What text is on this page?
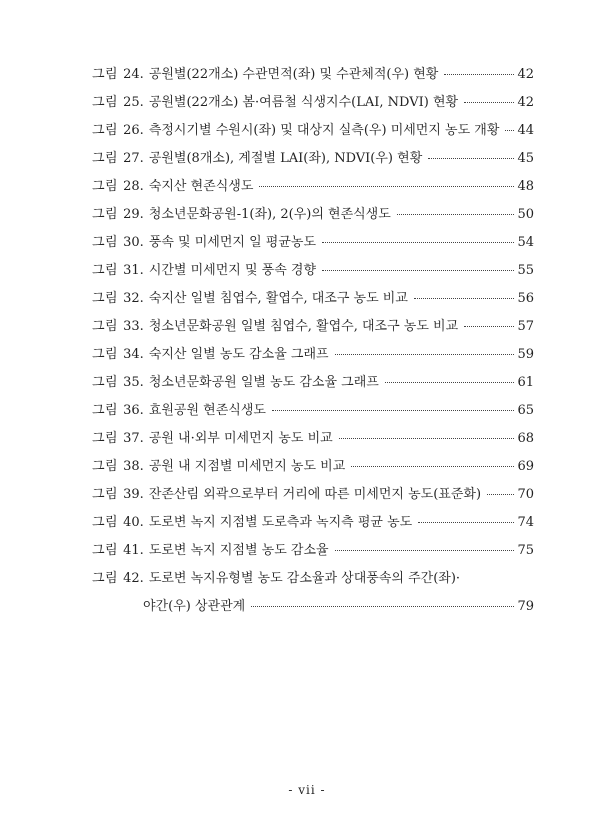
그림 24. 공원별(22개소) 수관면적(좌) 및 수관체적(우) 현황	42
그림 25. 공원별(22개소) 봄·여름철 식생지수(LAI, NDVI) 현황	42
그림 26. 측정시기별 수원시(좌) 및 대상지 실측(우) 미세먼지 농도 개황 44
그림 27. 공원별(8개소), 계절별 LAI(좌), NDVI(우) 현황	45
그림 28. 숙지산 현존식생도	48
그림 29. 청소년문화공원-1(좌), 2(우)의 현존식생도	50
그림 30. 풍속 및 미세먼지 일 평균농도	54
그림 31. 시간별 미세먼지 및 풍속 경향	55
그림 32. 숙지산 일별 침엽수, 활엽수, 대조구 농도 비교	56
그림 33. 청소년문화공원 일별 침엽수, 활엽수, 대조구 농도 비교	57
그림 34. 숙지산 일별 농도 감소율 그래프	59
그림 35. 청소년문화공원 일별 농도 감소율 그래프	61
그림 36. 효원공원 현존식생도	65
그림 37. 공원 내·외부 미세먼지 농도 비교	68
그림 38. 공원 내 지점별 미세먼지 농도 비교	69
그림 39. 잔존산림 외곽으로부터 거리에 따른 미세먼지 농도(표준화)	70
그림 40. 도로변 녹지 지점별 도로측과 녹지측 평균 농도	74
그림 41. 도로변 녹지 지점별 농도 감소율	75
그림 42. 도로변 녹지유형별 농도 감소율과 상대풍속의 주간(좌)·
야간(우) 상관관계	79
- vii -
